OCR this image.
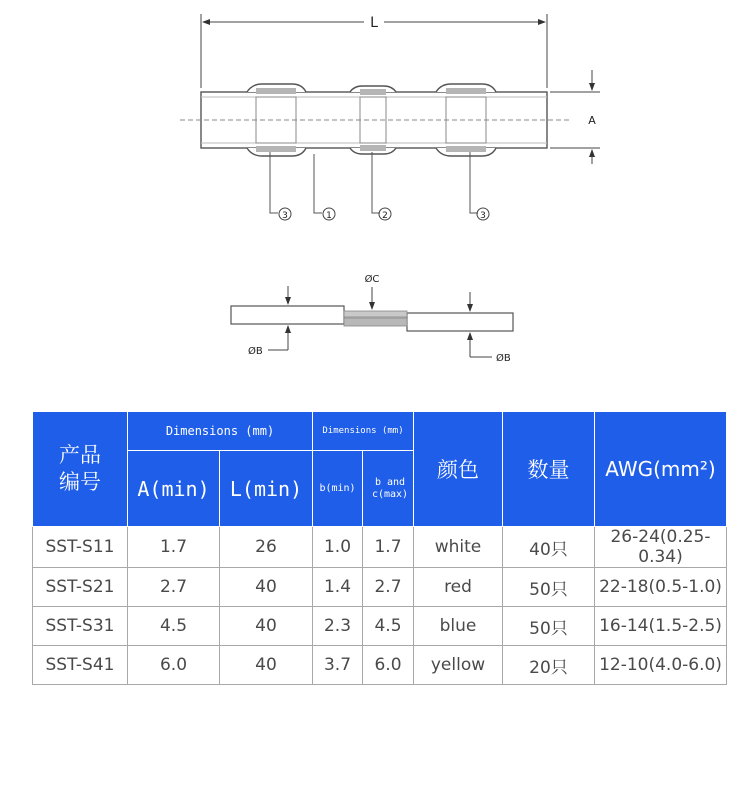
L
A
3	1	2	3
ØC
ØB
ØB
产品
编号	Dimensions (mm)		Dimensions (mm)		颜色	数量	AWG(mm²)
	A(min)	L(min)	b(min)	b and
c(max)			

SST-S11	1.7	26	1.0	1.7	white	40只	26-24(0.25-0.34)
SST-S21	2.7	40	1.4	2.7	red	50只	22-18(0.5-1.0)
SST-S31	4.5	40	2.3	4.5	blue	50只	16-14(1.5-2.5)
SST-S41	6.0	40	3.7	6.0	yellow	20只	12-10(4.0-6.0)
